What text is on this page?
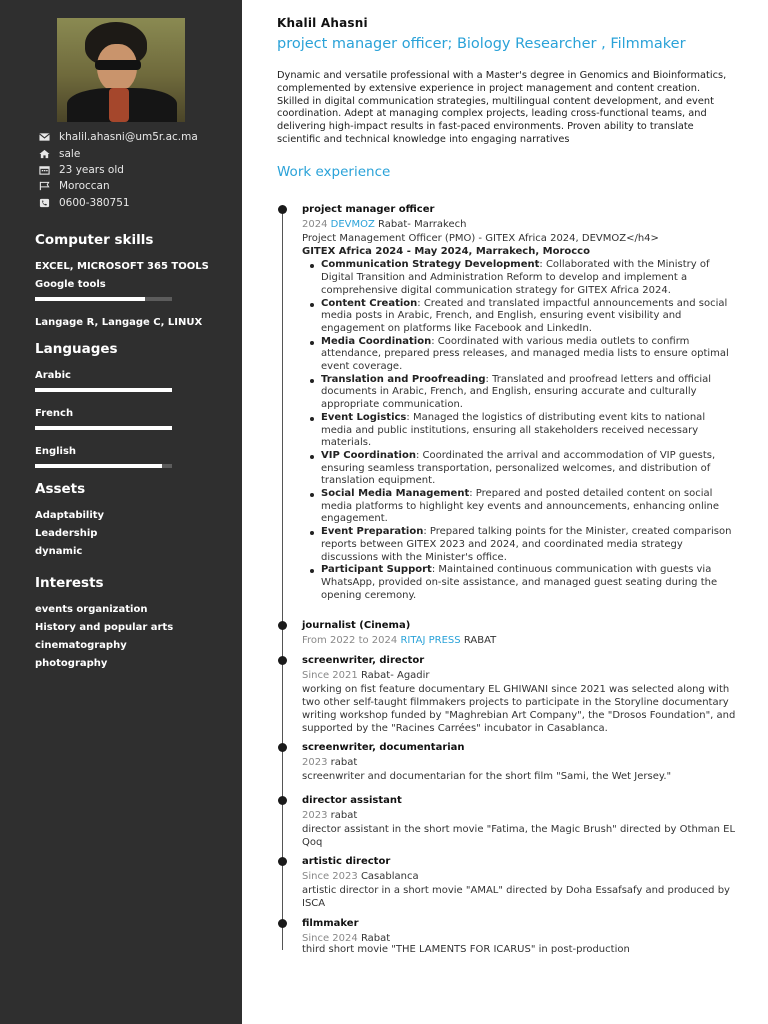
khalil.ahasni@um5r.ac.ma
sale
23 years old
Moroccan
0600-380751
Computer skills
EXCEL, MICROSOFT 365 TOOLS
Google tools
Langage R, Langage C, LINUX
Languages
Arabic
French
English
Assets
Adaptability
Leadership
dynamic
Interests
events organization
History and popular arts
cinematography
photography
Khalil Ahasni
project manager officer; Biology Researcher , Filmmaker
Dynamic and versatile professional with a Master's degree in Genomics and Bioinformatics, complemented by extensive experience in project management and content creation. Skilled in digital communication strategies, multilingual content development, and event coordination. Adept at managing complex projects, leading cross-functional teams, and delivering high-impact results in fast-paced environments. Proven ability to translate scientific and technical knowledge into engaging narratives
Work experience
project manager officer
2024 DEVMOZ Rabat- Marrakech
Project Management Officer (PMO) - GITEX Africa 2024, DEVMOZ</h4>
GITEX Africa 2024 - May 2024, Marrakech, Morocco
Communication Strategy Development: Collaborated with the Ministry of Digital Transition and Administration Reform to develop and implement a comprehensive digital communication strategy for GITEX Africa 2024.
Content Creation: Created and translated impactful announcements and social media posts in Arabic, French, and English, ensuring event visibility and engagement on platforms like Facebook and LinkedIn.
Media Coordination: Coordinated with various media outlets to confirm attendance, prepared press releases, and managed media lists to ensure optimal event coverage.
Translation and Proofreading: Translated and proofread letters and official documents in Arabic, French, and English, ensuring accurate and culturally appropriate communication.
Event Logistics: Managed the logistics of distributing event kits to national media and public institutions, ensuring all stakeholders received necessary materials.
VIP Coordination: Coordinated the arrival and accommodation of VIP guests, ensuring seamless transportation, personalized welcomes, and distribution of translation equipment.
Social Media Management: Prepared and posted detailed content on social media platforms to highlight key events and announcements, enhancing online engagement.
Event Preparation: Prepared talking points for the Minister, created comparison reports between GITEX 2023 and 2024, and coordinated media strategy discussions with the Minister's office.
Participant Support: Maintained continuous communication with guests via WhatsApp, provided on-site assistance, and managed guest seating during the opening ceremony.
journalist (Cinema)
From 2022 to 2024 RITAJ PRESS RABAT
screenwriter, director
Since 2021 Rabat- Agadir
working on fist feature documentary EL GHIWANI since 2021 was selected along with two other self-taught filmmakers projects to participate in the Storyline documentary writing workshop funded by "Maghrebian Art Company", the "Drosos Foundation", and supported by the "Racines Carrées" incubator in Casablanca.
screenwriter, documentarian
2023 rabat
screenwriter and documentarian for the short film "Sami, the Wet Jersey."
director assistant
2023 rabat
director assistant in the short movie "Fatima, the Magic Brush" directed by Othman EL Qoq
artistic director
Since 2023 Casablanca
artistic director in a short movie "AMAL" directed by Doha Essafsafy and produced by ISCA
filmmaker
Since 2024 Rabat
third short movie "THE LAMENTS FOR ICARUS" in post-production
